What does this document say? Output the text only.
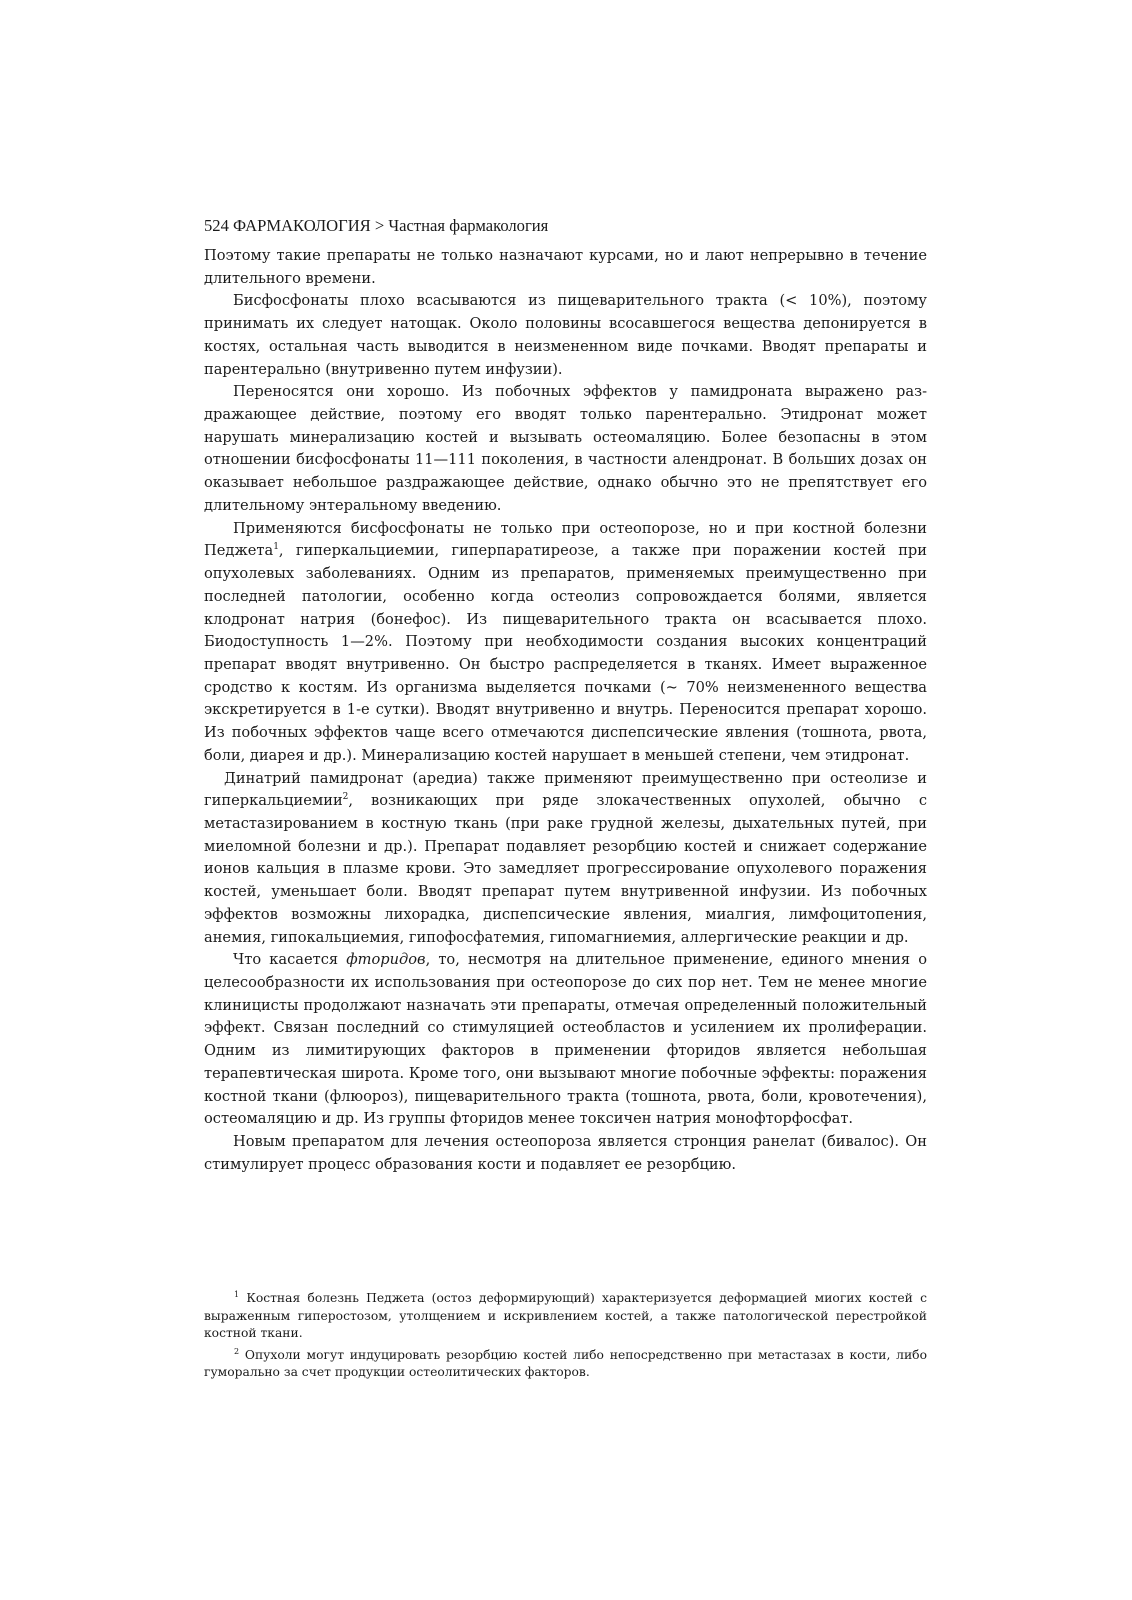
524 ФАРМАКОЛОГИЯ > Частная фармакология

Поэтому такие препараты не только назначают курсами, но и лают непрерывно в течение длительного времени.

Бисфосфонаты плохо всасываются из пищеварительного тракта (< 10%), поэтому принимать их следует натощак. Около половины всосавшегося вещества депонируется в костях, остальная часть выводится в неизмененном виде почками. Вводят препараты и парентерально (внутривенно путем инфузии).

Переносятся они хорошо. Из побочных эффектов у памидроната выражено раздражающее действие, поэтому его вводят только парентерально. Этидронат может нарушать минерализацию костей и вызывать остеомаляцию. Более безопасны в этом отношении бисфосфонаты 11—111 поколения, в частности алендронат. В больших дозах он оказывает небольшое раздражающее действие, однако обычно это не препятствует его длительному энтеральному введению.

Применяются бисфосфонаты не только при остеопорозе, но и при костной болезни Педжета$^1$, гиперкальциемии, гиперпаратиреозе, а также при поражении костей при опухолевых заболеваниях. Одним из препаратов, применяемых преимущественно при последней патологии, особенно когда остеолиз сопровождается болями, является клодронат натрия (бонефос). Из пищеварительного тракта он всасывается плохо. Биодоступность 1—2%. Поэтому при необходимости создания высоких концентраций препарат вводят внутривенно. Он быстро распределяется в тканях. Имеет выраженное сродство к костям. Из организма выделяется почками (~ 70% неизмененного вещества экскретируется в 1-е сутки). Вводят внутривенно и внутрь. Переносится препарат хорошо. Из побочных эффектов чаще всего отмечаются диспепсические явления (тошнота, рвота, боли, диарея и др.). Минерализацию костей нарушает в меньшей степени, чем этидронат.

Динатрий памидронат (аредиа) также применяют преимущественно при остеолизе и гиперкальциемии$^2$, возникающих при ряде злокачественных опухолей, обычно с метастазированием в костную ткань (при раке грудной железы, дыхательных путей, при миеломной болезни и др.). Препарат подавляет резорбцию костей и снижает содержание ионов кальция в плазме крови. Это замедляет прогрессирование опухолевого поражения костей, уменьшает боли. Вводят препарат путем внутривенной инфузии. Из побочных эффектов возможны лихорадка, диспепсические явления, миалгия, лимфоцитопения, анемия, гипокальциемия, гипофосфатемия, гипомагниемия, аллергические реакции и др.

Что касается фторидов, то, несмотря на длительное применение, единого мнения о целесообразности их использования при остеопорозе до сих пор нет. Тем не менее многие клиницисты продолжают назначать эти препараты, отмечая определенный положительный эффект. Связан последний со стимуляцией остеобластов и усилением их пролиферации. Одним из лимитирующих факторов в применении фторидов является небольшая терапевтическая широта. Кроме того, они вызывают многие побочные эффекты: поражения костной ткани (флюороз), пищеварительного тракта (тошнота, рвота, боли, кровотечения), остеомаляцию и др. Из группы фторидов менее токсичен натрия монофторфосфат.

Новым препаратом для лечения остеопороза является стронция ранелат (бивалос). Он стимулирует процесс образования кости и подавляет ее резорбцию.

$^1$ Костная болезнь Педжета (остоз деформирующий) характеризуется деформацией миогих костей с выраженным гиперостозом, утолщением и искривлением костей, а также патологической перестройкой костной ткани.

$^2$ Опухоли могут индуцировать резорбцию костей либо непосредственно при метастазах в кости, либо гуморально за счет продукции остеолитических факторов.
